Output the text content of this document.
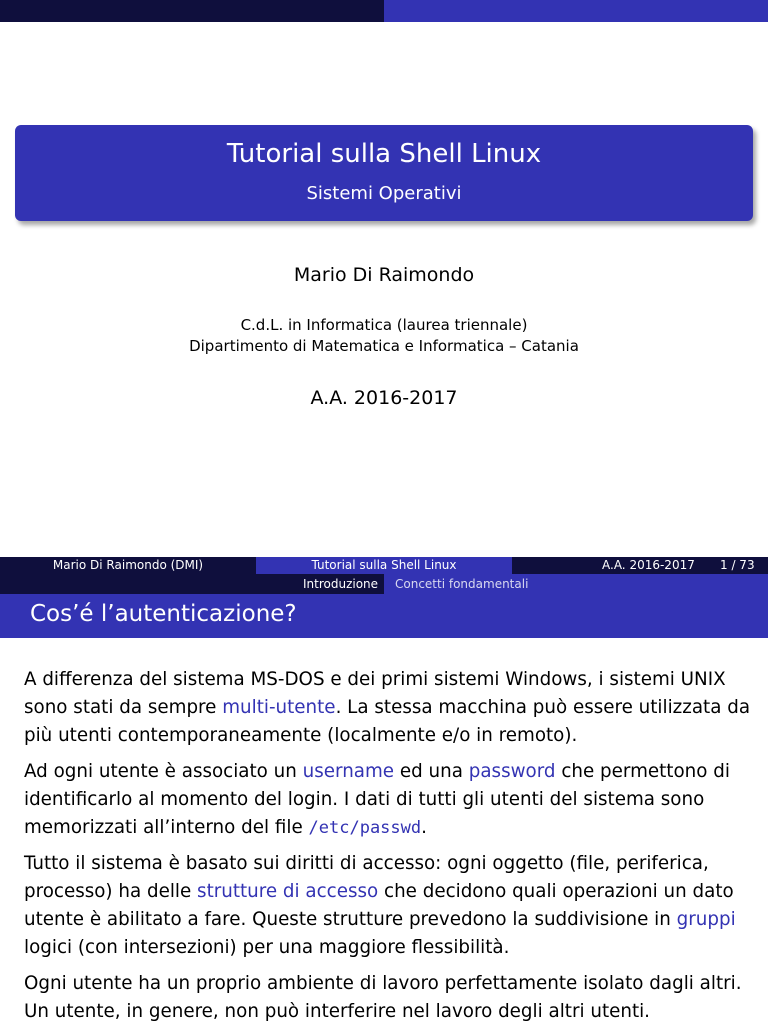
Tutorial sulla Shell Linux
Sistemi Operativi
Mario Di Raimondo
C.d.L. in Informatica (laurea triennale)
Dipartimento di Matematica e Informatica – Catania
A.A. 2016-2017
Mario Di Raimondo (DMI)	Tutorial sulla Shell Linux	A.A. 2016-2017 1 / 73
Introduzione Concetti fondamentali
Cos’é l’autenticazione?

A differenza del sistema MS-DOS e dei primi sistemi Windows, i sistemi UNIX sono stati da sempre multi-utente. La stessa macchina può essere utilizzata da più utenti contemporaneamente (localmente e/o in remoto).

Ad ogni utente è associato un username ed una password che permettono di identificarlo al momento del login. I dati di tutti gli utenti del sistema sono memorizzati all’interno del file /etc/passwd.

Tutto il sistema è basato sui diritti di accesso: ogni oggetto (file, periferica, processo) ha delle strutture di accesso che decidono quali operazioni un dato utente è abilitato a fare. Queste strutture prevedono la suddivisione in gruppi logici (con intersezioni) per una maggiore flessibilità.

Ogni utente ha un proprio ambiente di lavoro perfettamente isolato dagli altri. Un utente, in genere, non può interferire nel lavoro degli altri utenti.
